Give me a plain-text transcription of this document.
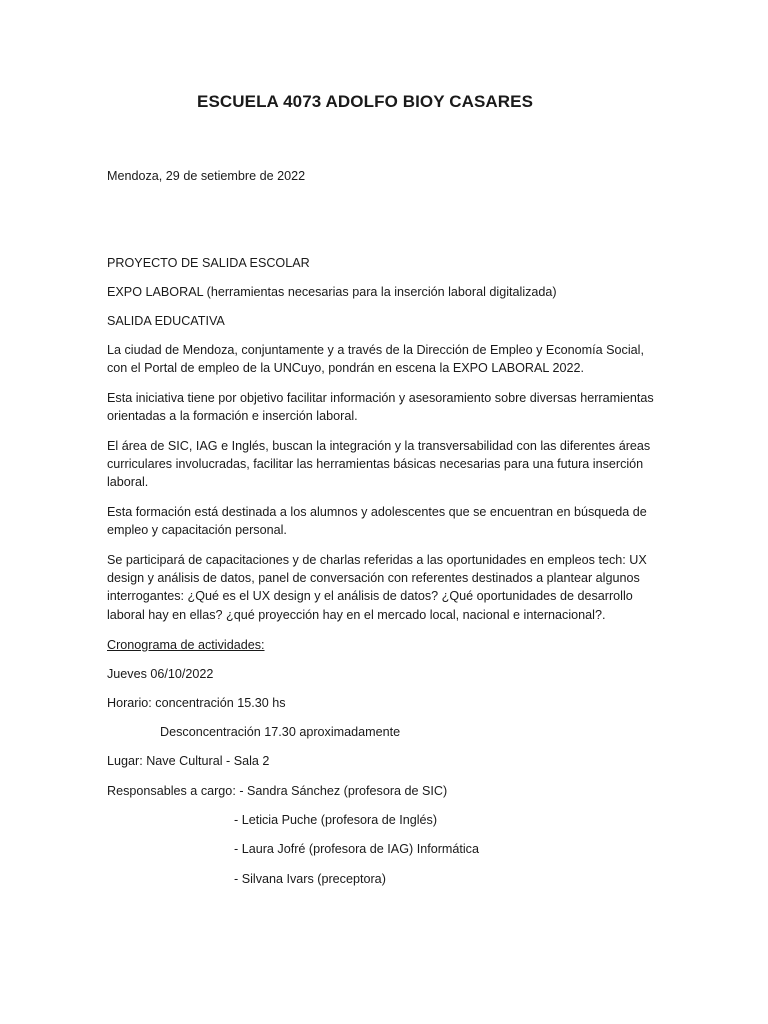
ESCUELA 4073 ADOLFO BIOY CASARES
Mendoza, 29 de setiembre de 2022
PROYECTO DE SALIDA ESCOLAR
EXPO LABORAL (herramientas necesarias para la inserción laboral digitalizada)
SALIDA EDUCATIVA
La ciudad de Mendoza, conjuntamente y a través de la Dirección de Empleo y Economía Social, con el Portal de empleo de la UNCuyo, pondrán en escena la EXPO LABORAL 2022.
Esta iniciativa tiene por objetivo facilitar información y asesoramiento sobre diversas herramientas orientadas a la formación e inserción laboral.
El área de SIC, IAG e Inglés, buscan la integración y la transversabilidad con las diferentes áreas curriculares involucradas, facilitar las herramientas básicas necesarias para una futura inserción laboral.
Esta formación está destinada a los alumnos y adolescentes que se encuentran en búsqueda de empleo y capacitación personal.
Se participará de capacitaciones y de charlas referidas a las oportunidades en empleos tech: UX design y análisis de datos, panel de conversación con referentes destinados a plantear algunos interrogantes: ¿Qué es el UX design y el análisis de datos? ¿Qué oportunidades de desarrollo laboral hay en ellas? ¿qué proyección hay en el mercado local, nacional e internacional?.
Cronograma de actividades:
Jueves 06/10/2022
Horario: concentración 15.30 hs
Desconcentración 17.30 aproximadamente
Lugar: Nave Cultural - Sala 2
Responsables a cargo: - Sandra Sánchez (profesora de SIC)
- Leticia Puche (profesora de Inglés)
- Laura Jofré (profesora de IAG) Informática
- Silvana Ivars (preceptora)
